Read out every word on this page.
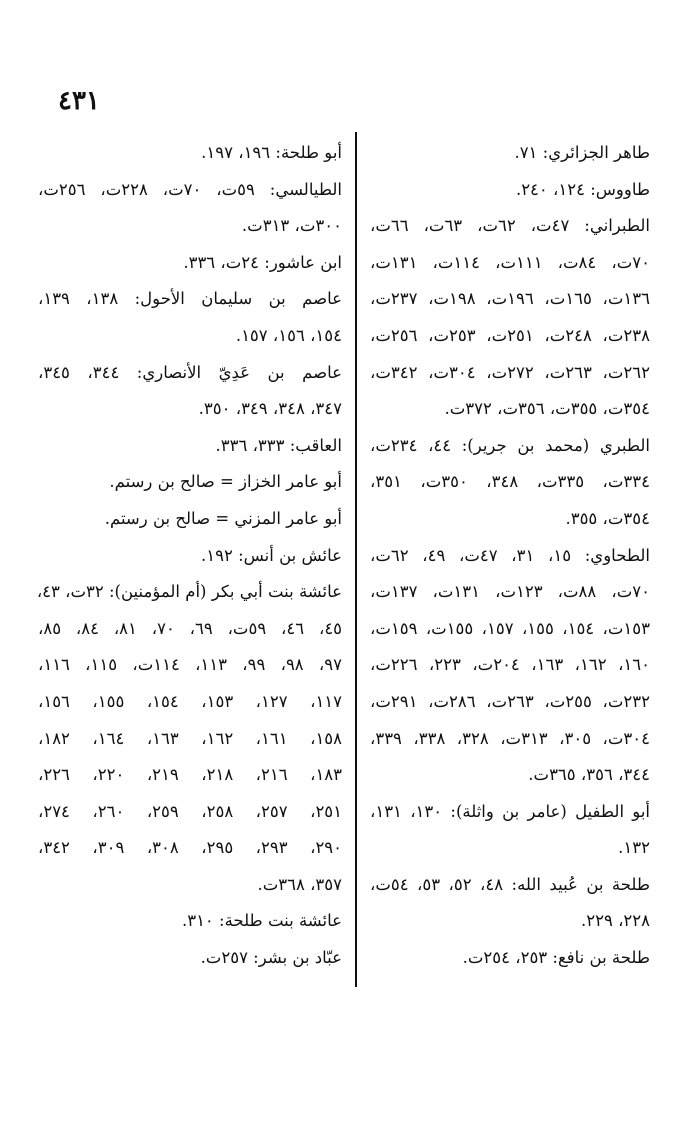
٤٣١
طاهر الجزائري: ٧١.
طاووس: ١٢٤، ٢٤٠.
الطبراني: ٤٧ت، ٦٢ت، ٦٣ت، ٦٦ت،
٧٠ت، ٨٤ت، ١١١ت، ١١٤ت، ١٣١ت،
١٣٦ت، ١٦٥ت، ١٩٦ت، ١٩٨ت، ٢٣٧ت،
٢٣٨ت، ٢٤٨ت، ٢٥١ت، ٢٥٣ت، ٢٥٦ت،
٢٦٢ت، ٢٦٣ت، ٢٧٢ت، ٣٠٤ت، ٣٤٢ت،
٣٥٤ت، ٣٥٥ت، ٣٥٦ت، ٣٧٢ت.
الطبري (محمد بن جرير): ٤٤، ٢٣٤ت،
٣٣٤ت، ٣٣٥ت، ٣٤٨، ٣٥٠ت، ٣٥١،
٣٥٤ت، ٣٥٥.
الطحاوي: ١٥، ٣١، ٤٧ت، ٤٩، ٦٢ت،
٧٠ت، ٨٨ت، ١٢٣ت، ١٣١ت، ١٣٧ت،
١٥٣ت، ١٥٤، ١٥٥، ١٥٧، ١٥٥ت، ١٥٩ت،
١٦٠، ١٦٢، ١٦٣، ٢٠٤ت، ٢٢٣، ٢٢٦ت،
٢٣٢ت، ٢٥٥ت، ٢٦٣ت، ٢٨٦ت، ٢٩١ت،
٣٠٤ت، ٣٠٥، ٣١٣ت، ٣٢٨، ٣٣٨، ٣٣٩،
٣٤٤، ٣٥٦، ٣٦٥ت.
أبو الطفيل (عامر بن واثلة): ١٣٠، ١٣١،
١٣٢.
طلحة بن عُبيد الله: ٤٨، ٥٢، ٥٣، ٥٤ت،
٢٢٨، ٢٢٩.
طلحة بن نافع: ٢٥٣، ٢٥٤ت.
أبو طلحة: ١٩٦، ١٩٧.
الطيالسي: ٥٩ت، ٧٠ت، ٢٢٨ت، ٢٥٦ت،
٣٠٠ت، ٣١٣ت.
ابن عاشور: ٢٤ت، ٣٣٦.
عاصم بن سليمان الأحول: ١٣٨، ١٣٩،
١٥٤، ١٥٦، ١٥٧.
عاصم بن عَدِيّ الأنصاري: ٣٤٤، ٣٤٥،
٣٤٧، ٣٤٨، ٣٤٩، ٣٥٠.
العاقب: ٣٣٣، ٣٣٦.
أبو عامر الخزاز = صالح بن رستم.
أبو عامر المزني = صالح بن رستم.
عائش بن أنس: ١٩٢.
عائشة بنت أبي بكر (أم المؤمنين): ٣٢ت، ٤٣،
٤٥، ٤٦، ٥٩ت، ٦٩، ٧٠، ٨١، ٨٤، ٨٥،
٩٧، ٩٨، ٩٩، ١١٣، ١١٤ت، ١١٥، ١١٦،
١١٧، ١٢٧، ١٥٣، ١٥٤، ١٥٥، ١٥٦،
١٥٨، ١٦١، ١٦٢، ١٦٣، ١٦٤، ١٨٢،
١٨٣، ٢١٦، ٢١٨، ٢١٩، ٢٢٠، ٢٢٦،
٢٥١، ٢٥٧، ٢٥٨، ٢٥٩، ٢٦٠، ٢٧٤،
٢٩٠، ٢٩٣، ٢٩٥، ٣٠٨، ٣٠٩، ٣٤٢،
٣٥٧، ٣٦٨ت.
عائشة بنت طلحة: ٣١٠.
عبّاد بن بشر: ٢٥٧ت.
